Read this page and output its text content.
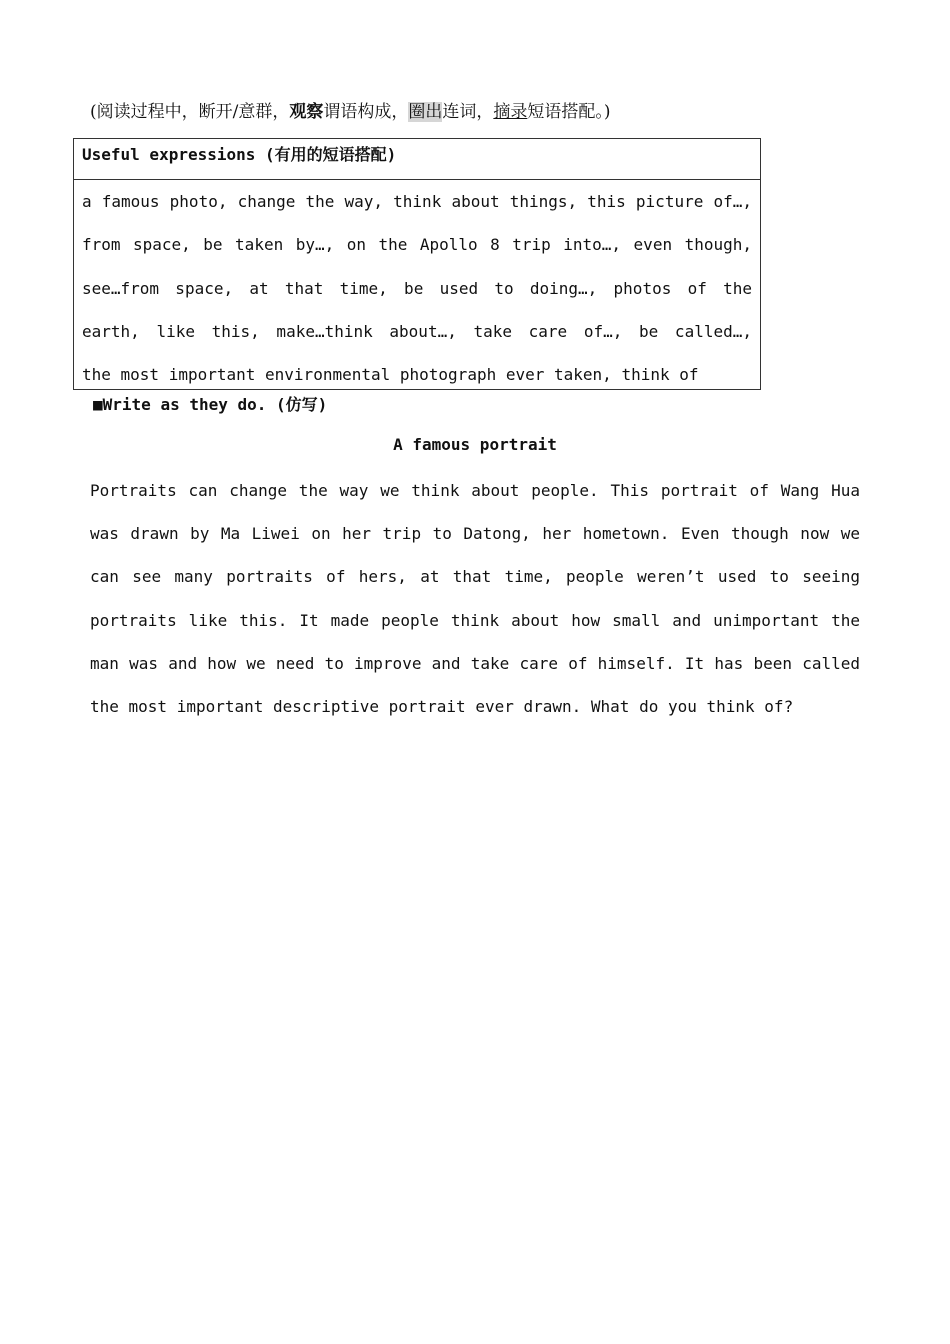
(阅读过程中，断开/意群，观察谓语构成，圈出连词，摘录短语搭配。)
Useful expressions (有用的短语搭配)
a famous photo, change the way, think about things, this picture of…,
from space, be taken by…, on the Apollo 8 trip into…, even though,
see…from space, at that time, be used to doing…, photos of the
earth, like this, make…think about…, take care of…, be called…,
the most important environmental photograph ever taken, think of
■Write as they do. (仿写)
A famous portrait
Portraits can change the way we think about people. This portrait of Wang Hua
was drawn by Ma Liwei on her trip to Datong, her hometown. Even though now we
can see many portraits of hers, at that time, people weren’t used to seeing
portraits like this. It made people think about how small and unimportant the
man was and how we need to improve and take care of himself. It has been called
the most important descriptive portrait ever drawn. What do you think of?
